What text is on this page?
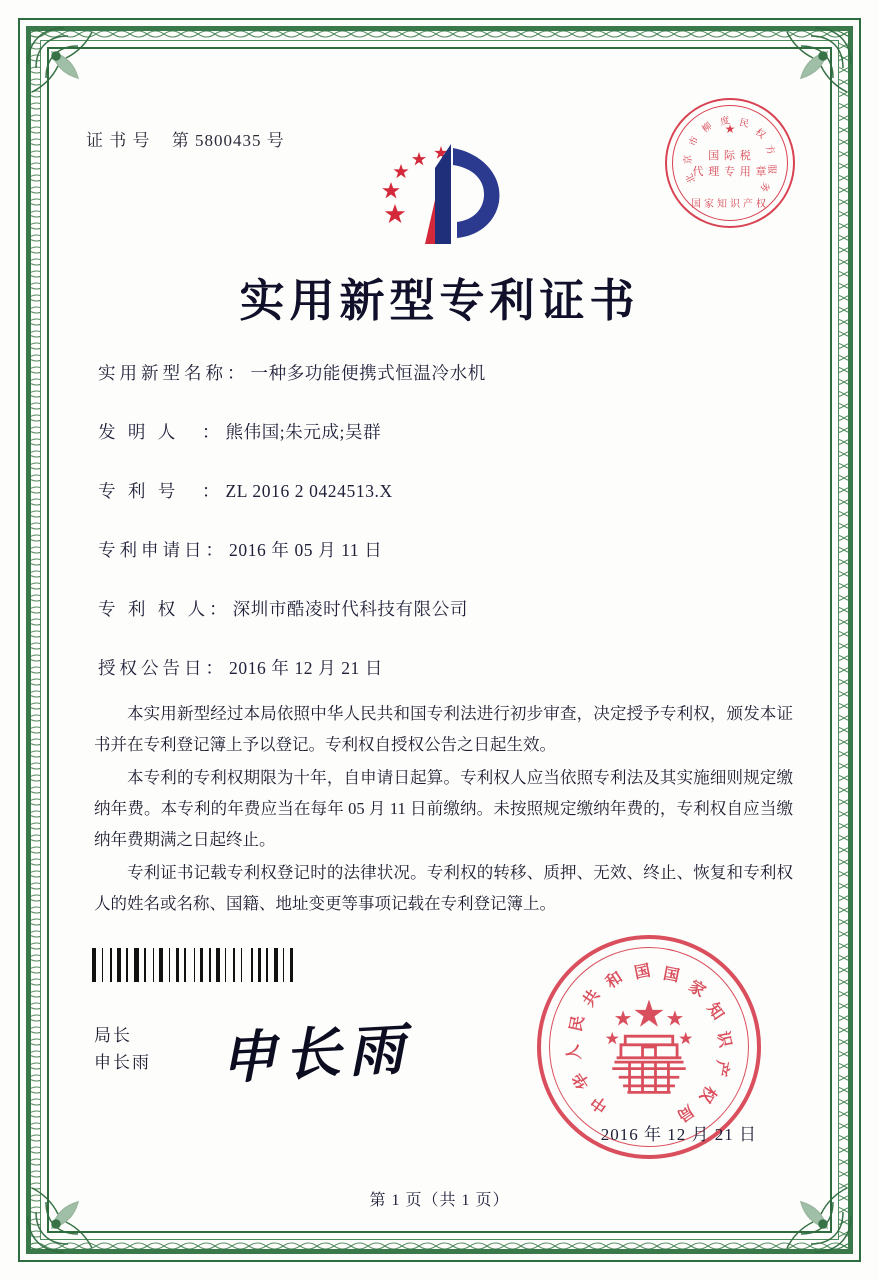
证 书 号 第 5800435 号
北
京
市
柳 度 民
权
方
服
务
★
国 际 税
代 理 专 用 章
国家知识产权
实用新型专利证书
实用新型名称 ： 一种多功能便携式恒温冷水机
发 明 人	： 熊伟国;朱元成;吴群
专 利 号	： ZL 2016 2 0424513.X
专利申请日 ： 2016 年 05 月 11 日
专 利 权 人 ： 深圳市酷凌时代科技有限公司
授权公告日 ： 2016 年 12 月 21 日

本实用新型经过本局依照中华人民共和国专利法进行初步审查，决定授予专利权，颁发本证书并在专利登记簿上予以登记。专利权自授权公告之日起生效。

本专利的专利权期限为十年，自申请日起算。专利权人应当依照专利法及其实施细则规定缴纳年费。本专利的年费应当在每年 05 月 11 日前缴纳。未按照规定缴纳年费的，专利权自应当缴纳年费期满之日起终止。

专利证书记载专利权登记时的法律状况。专利权的转移、质押、无效、终止、恢复和专利权人的姓名或名称、国籍、地址变更等事项记载在专利登记簿上。

局长
申长雨 申长雨
中
华
人
民
共
和 国 国
家
知
识
产
权
局
2016 年 12 月 21 日
第 1 页（共 1 页）
